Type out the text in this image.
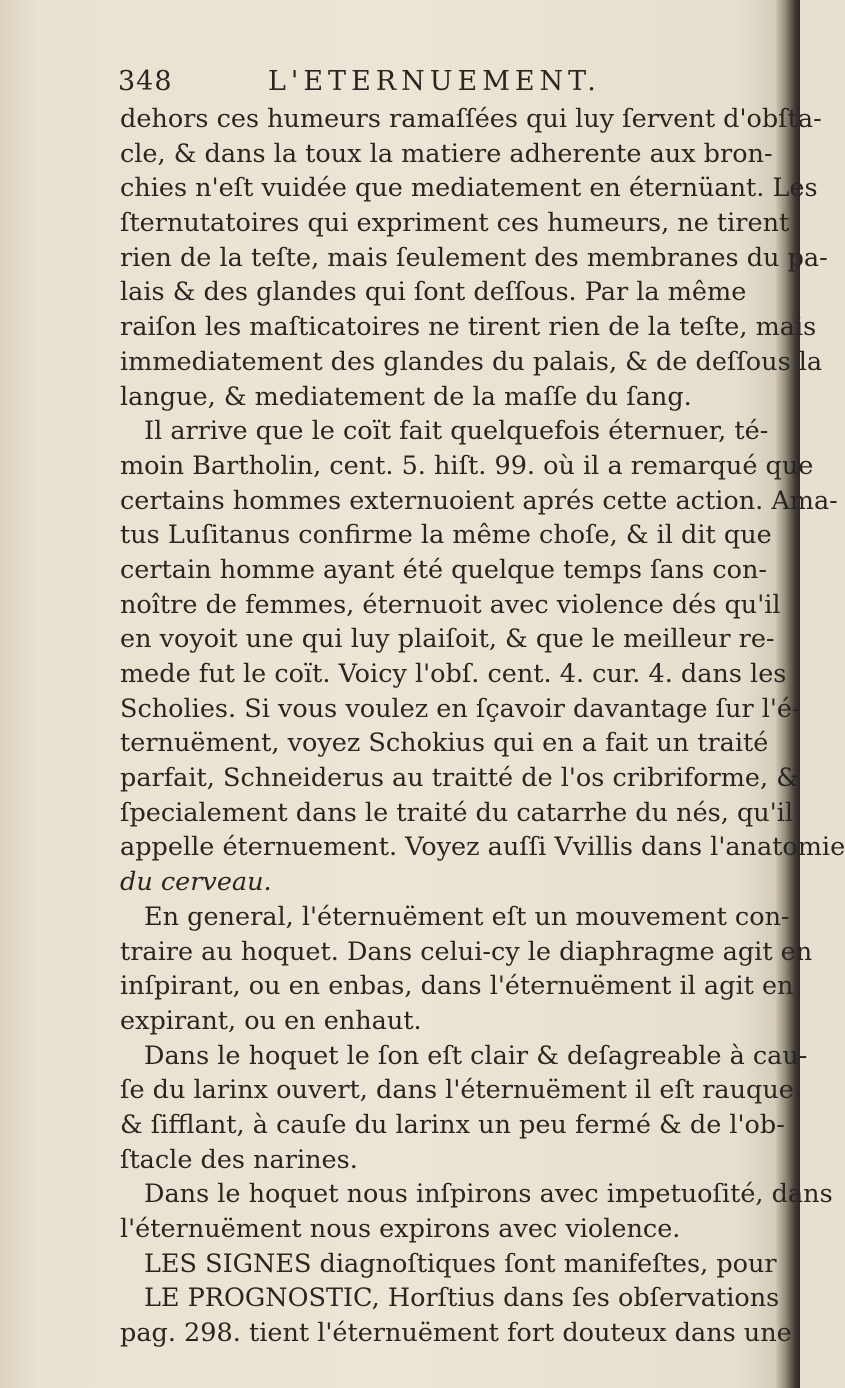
348	L'ETERNUEMENT.
dehors ces humeurs ramaſſées qui luy ſervent d'obſta-
cle, & dans la toux la matiere adherente aux bron-
chies n'eſt vuidée que mediatement en éternüant. Les
ſternutatoires qui expriment ces humeurs, ne tirent
rien de la teſte, mais ſeulement des membranes du pa-
lais & des glandes qui ſont deſſous. Par la même
raiſon les maſticatoires ne tirent rien de la teſte, mais
immediatement des glandes du palais, & de deſſous la
langue, & mediatement de la maſſe du ſang.
Il arrive que le coït fait quelquefois éternuer, té-
moin Bartholin, cent. 5. hiſt. 99. où il a remarqué que
certains hommes externuoient aprés cette action. Ama-
tus Luſitanus confirme la même choſe, & il dit que
certain homme ayant été quelque temps ſans con-
noître de femmes, éternuoit avec violence dés qu'il
en voyoit une qui luy plaiſoit, & que le meilleur re-
mede fut le coït. Voicy l'obſ. cent. 4. cur. 4. dans les
Scholies. Si vous voulez en ſçavoir davantage ſur l'é-
ternuëment, voyez Schokius qui en a fait un traité
parfait, Schneiderus au traitté de l'os cribriforme, &
ſpecialement dans le traité du catarrhe du nés, qu'il
appelle éternuement. Voyez auſſi Vvillis dans l'anatomie
du cerveau.
En general, l'éternuëment eſt un mouvement con-
traire au hoquet. Dans celui-cy le diaphragme agit en
inſpirant, ou en enbas, dans l'éternuëment il agit en
expirant, ou en enhaut.
Dans le hoquet le ſon eſt clair & deſagreable à cau-
ſe du larinx ouvert, dans l'éternuëment il eſt rauque
& ſifflant, à cauſe du larinx un peu fermé & de l'ob-
ſtacle des narines.
Dans le hoquet nous inſpirons avec impetuoſité, dans
l'éternuëment nous expirons avec violence.
LES SIGNES diagnoſtiques ſont manifeſtes, pour
LE PROGNOSTIC, Horſtius dans ſes obſervations
pag. 298. tient l'éternuëment fort douteux dans une
